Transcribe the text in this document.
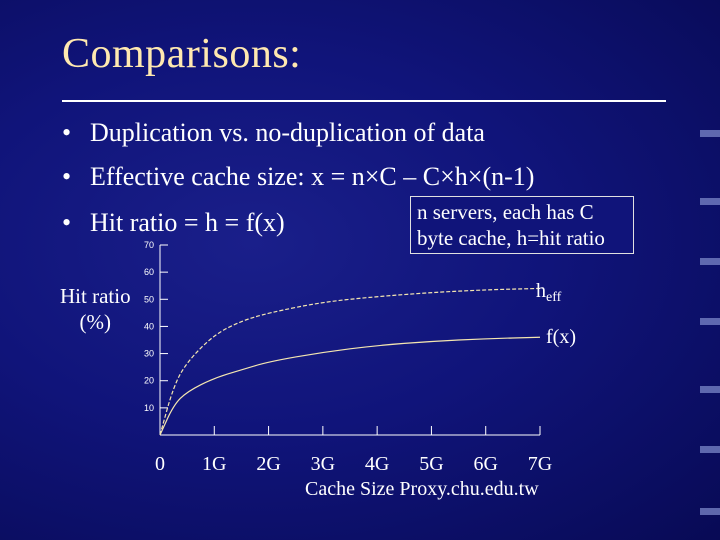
Comparisons:
• Duplication vs. no-duplication of data
• Effective cache size: x = n×C – C×h×(n-1)
• Hit ratio = h = f(x)	n servers, each has C
byte cache, h=hit ratio
Hit ratio
(%)
10
20
30
40
50
60
70
0 1G 2G 3G 4G 5G 6G 7G
$h_{eff}$
f(x)
Cache Size Proxy.chu.edu.tw
